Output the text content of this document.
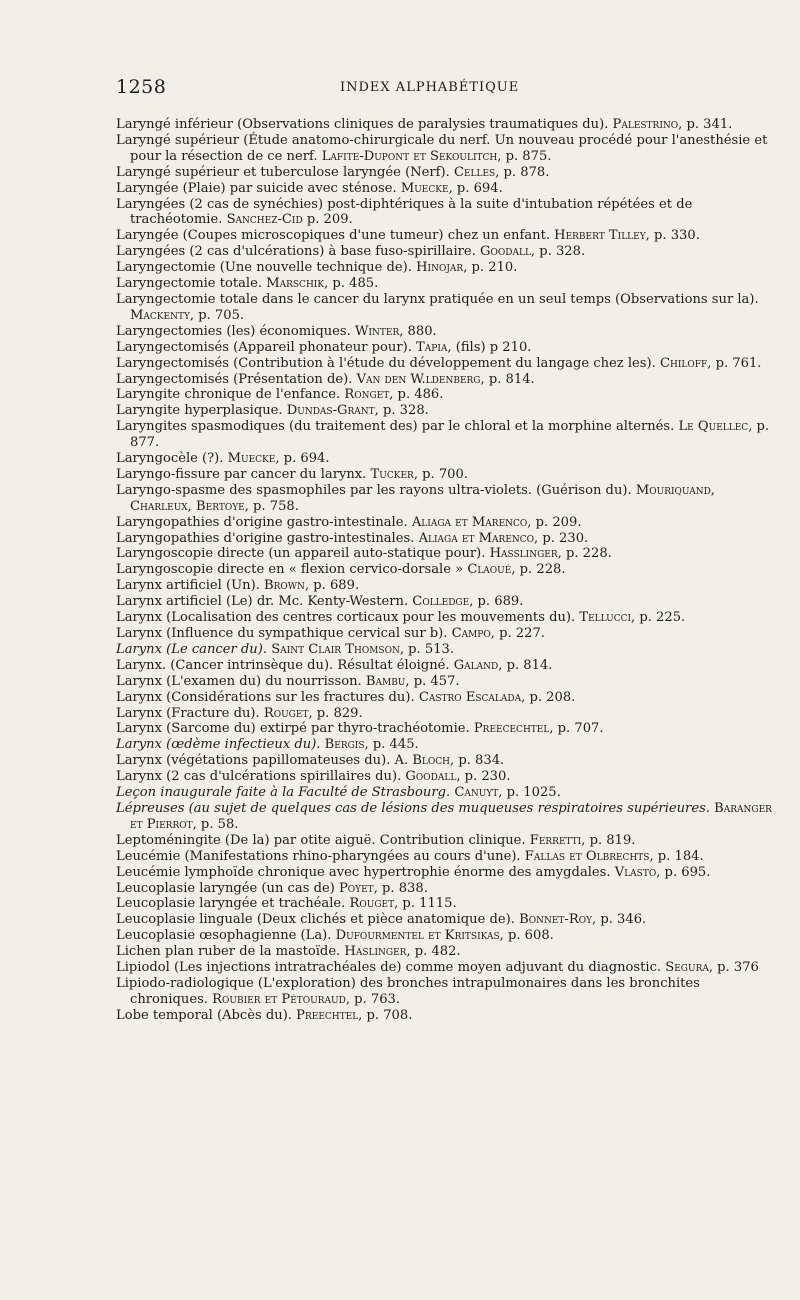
1258	INDEX ALPHABÉTIQUE

Laryngé inférieur (Observations cliniques de paralysies traumatiques du). Palestrino, p. 341.

Laryngé supérieur (Étude anatomo-chirurgicale du nerf. Un nouveau procédé pour l'anesthésie et pour la résection de ce nerf. Lafite-Dupont et Sekoulitch, p. 875.

Laryngé supérieur et tuberculose laryngée (Nerf). Celles, p. 878.

Laryngée (Plaie) par suicide avec sténose. Muecke, p. 694.

Laryngées (2 cas de synéchies) post-diphtériques à la suite d'intubation répétées et de trachéotomie. Sanchez-Cid p. 209.

Laryngée (Coupes microscopiques d'une tumeur) chez un enfant. Herbert Tilley, p. 330.

Laryngées (2 cas d'ulcérations) à base fuso-spirillaire. Goodall, p. 328.

Laryngectomie (Une nouvelle technique de). Hinojar, p. 210.

Laryngectomie totale. Marschik, p. 485.

Laryngectomie totale dans le cancer du larynx pratiquée en un seul temps (Observations sur la). Mackenty, p. 705.

Laryngectomies (les) économiques. Winter, 880.

Laryngectomisés (Appareil phonateur pour). Tapia, (fils) p 210.

Laryngectomisés (Contribution à l'étude du développement du langage chez les). Chiloff, p. 761.

Laryngectomisés (Présentation de). Van den W.ldenberg, p. 814.

Laryngite chronique de l'enfance. Ronget, p. 486.

Laryngite hyperplasique. Dundas-Grant, p. 328.

Laryngites spasmodiques (du traitement des) par le chloral et la morphine alternés. Le Quellec, p. 877.

Laryngocèle (?). Muecke, p. 694.

Laryngo-fissure par cancer du larynx. Tucker, p. 700.

Laryngo-spasme des spasmophiles par les rayons ultra-violets. (Guérison du). Mouriquand, Charleux, Bertoye, p. 758.

Laryngopathies d'origine gastro-intestinale. Aliaga et Marenco, p. 209.

Laryngopathies d'origine gastro-intestinales. Aliaga et Marenco, p. 230.

Laryngoscopie directe (un appareil auto-statique pour). Hasslinger, p. 228.

Laryngoscopie directe en « flexion cervico-dorsale » Claoué, p. 228.

Larynx artificiel (Un). Brown, p. 689.

Larynx artificiel (Le) dr. Mc. Kenty-Western. Colledge, p. 689.

Larynx (Localisation des centres corticaux pour les mouvements du). Tellucci, p. 225.

Larynx (Influence du sympathique cervical sur b). Campo, p. 227.

Larynx (Le cancer du). Saint Clair Thomson, p. 513.

Larynx. (Cancer intrinsèque du). Résultat éloigné. Galand, p. 814.

Larynx (L'examen du) du nourrisson. Bambu, p. 457.

Larynx (Considérations sur les fractures du). Castro Escalada, p. 208.

Larynx (Fracture du). Rouget, p. 829.

Larynx (Sarcome du) extirpé par thyro-trachéotomie. Preecechtel, p. 707.

Larynx (œdème infectieux du). Bergis, p. 445.

Larynx (végétations papillomateuses du). A. Bloch, p. 834.

Larynx (2 cas d'ulcérations spirillaires du). Goodall, p. 230.

Leçon inaugurale faite à la Faculté de Strasbourg. Canuyt, p. 1025.

Lépreuses (au sujet de quelques cas de lésions des muqueuses respiratoires supérieures. Baranger et Pierrot, p. 58.

Leptoméningite (De la) par otite aiguë. Contribution clinique. Ferretti, p. 819.

Leucémie (Manifestations rhino-pharyngées au cours d'une). Fallas et Olbrechts, p. 184.

Leucémie lymphoïde chronique avec hypertrophie énorme des amygdales. Vlasto, p. 695.

Leucoplasie laryngée (un cas de) Poyet, p. 838.

Leucoplasie laryngée et trachéale. Rouget, p. 1115.

Leucoplasie linguale (Deux clichés et pièce anatomique de). Bonnet-Roy, p. 346.

Leucoplasie œsophagienne (La). Dufourmentel et Kritsikas, p. 608.

Lichen plan ruber de la mastoïde. Haslinger, p. 482.

Lipiodol (Les injections intratrachéales de) comme moyen adjuvant du diagnostic. Segura, p. 376

Lipiodo-radiologique (L'exploration) des bronches intrapulmonaires dans les bronchites chroniques. Roubier et Pétouraud, p. 763.

Lobe temporal (Abcès du). Preechtel, p. 708.
